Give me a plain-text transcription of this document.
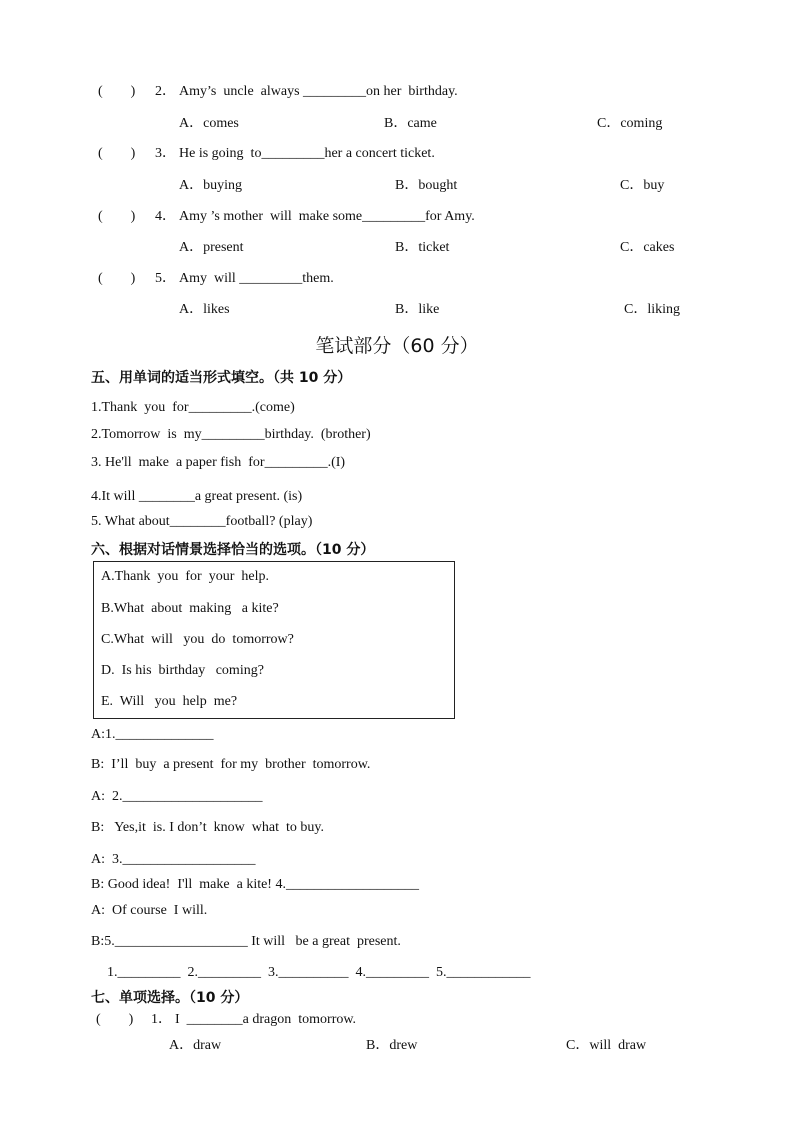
(　　) 2． Amy’s  uncle  always _________on her  birthday.
A．comes	B．came	C．coming
(　　) 3． He is going  to_________her a concert ticket.
A．buying	B．bought	C．buy
(　　) 4． Amy ’s mother  will  make some_________for Amy.
A．present	B．ticket	C．cakes
(　　) 5． Amy  will _________them.
A．likes	B．like	C．liking
笔试部分（60 分）
五、用单词的适当形式填空。（共 10 分）
1.Thank  you  for_________.(come)
2.Tomorrow  is  my_________birthday.  (brother)
3. He'll  make  a paper fish  for_________.(I)
4.It will ________a great present. (is)
5. What about________football? (play)
六、根据对话情景选择恰当的选项。（10 分）
A.Thank  you  for  your  help.
B.What  about  making   a kite?
C.What  will   you  do  tomorrow?
D.  Is his  birthday   coming?
E.  Will   you  help  me?
A:1.______________
B:  I’ll  buy  a present  for my  brother  tomorrow.
A:  2.____________________
B:   Yes,it  is. I don’t  know  what  to buy.
A:  3.___________________
B: Good idea!  I'll  make  a kite! 4.___________________
A:  Of course  I will.
B:5.___________________ It will   be a great  present.
1._________  2._________  3.__________  4._________  5.____________
七、单项选择。（10 分）
(　　) 1． I  ________a dragon  tomorrow.
A．draw	B．drew	C．will  draw
